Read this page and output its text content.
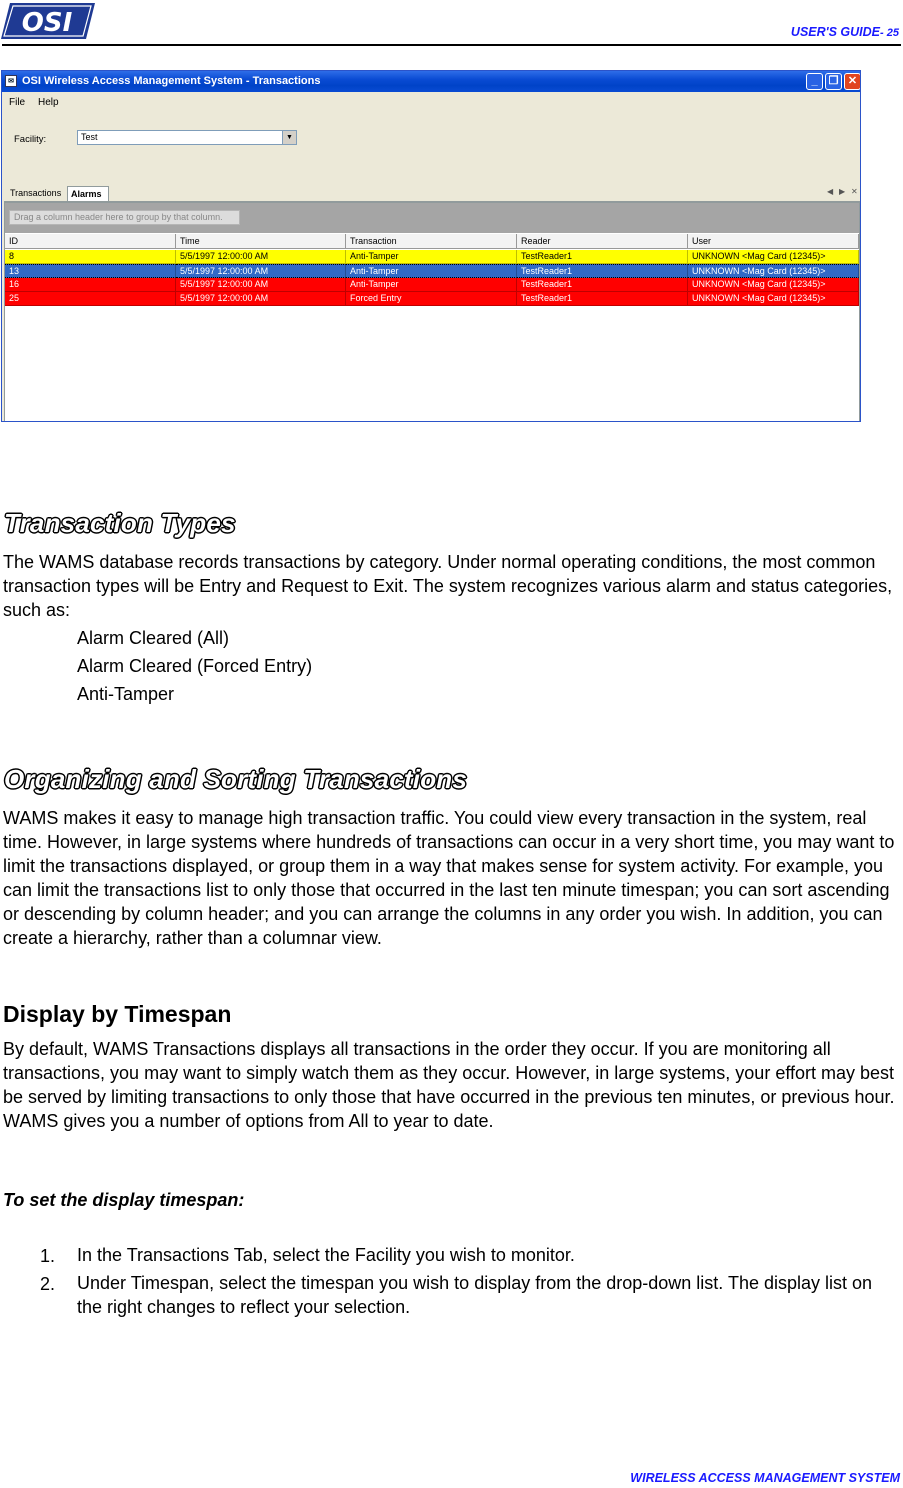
OSI	USER'S GUIDE- 25
✉ OSI Wireless Access Management System - Transactions	_	❐ ✕
File Help
Facility:	Test	▼
Transactions	Alarms	◀ ▶ ✕
Drag a column header here to group by that column.
ID	Time	Transaction	Reader	User
8	5/5/1997 12:00:00 AM	Anti-Tamper	TestReader1	UNKNOWN <Mag Card (12345)>
13	5/5/1997 12:00:00 AM	Anti-Tamper	TestReader1	UNKNOWN <Mag Card (12345)>
16	5/5/1997 12:00:00 AM	Anti-Tamper	TestReader1	UNKNOWN <Mag Card (12345)>
25	5/5/1997 12:00:00 AM	Forced Entry	TestReader1	UNKNOWN <Mag Card (12345)>
Transaction Types
The WAMS database records transactions by category. Under normal operating conditions, the most common transaction types will be Entry and Request to Exit. The system recognizes various alarm and status categories, such as:
Alarm Cleared (All)
Alarm Cleared (Forced Entry)
Anti-Tamper
Organizing and Sorting Transactions
WAMS makes it easy to manage high transaction traffic. You could view every transaction in the system, real time. However, in large systems where hundreds of transactions can occur in a very short time, you may want to limit the transactions displayed, or group them in a way that makes sense for system activity. For example, you can limit the transactions list to only those that occurred in the last ten minute timespan; you can sort ascending or descending by column header; and you can arrange the columns in any order you wish. In addition, you can create a hierarchy, rather than a columnar view.
Display by Timespan
By default, WAMS Transactions displays all transactions in the order they occur. If you are monitoring all transactions, you may want to simply watch them as they occur. However, in large systems, your effort may best be served by limiting transactions to only those that have occurred in the previous ten minutes, or previous hour. WAMS gives you a number of options from All to year to date.
To set the display timespan:
1. In the Transactions Tab, select the Facility you wish to monitor.
2. Under Timespan, select the timespan you wish to display from the drop-down list. The display list on the right changes to reflect your selection.
WIRELESS ACCESS MANAGEMENT SYSTEM
